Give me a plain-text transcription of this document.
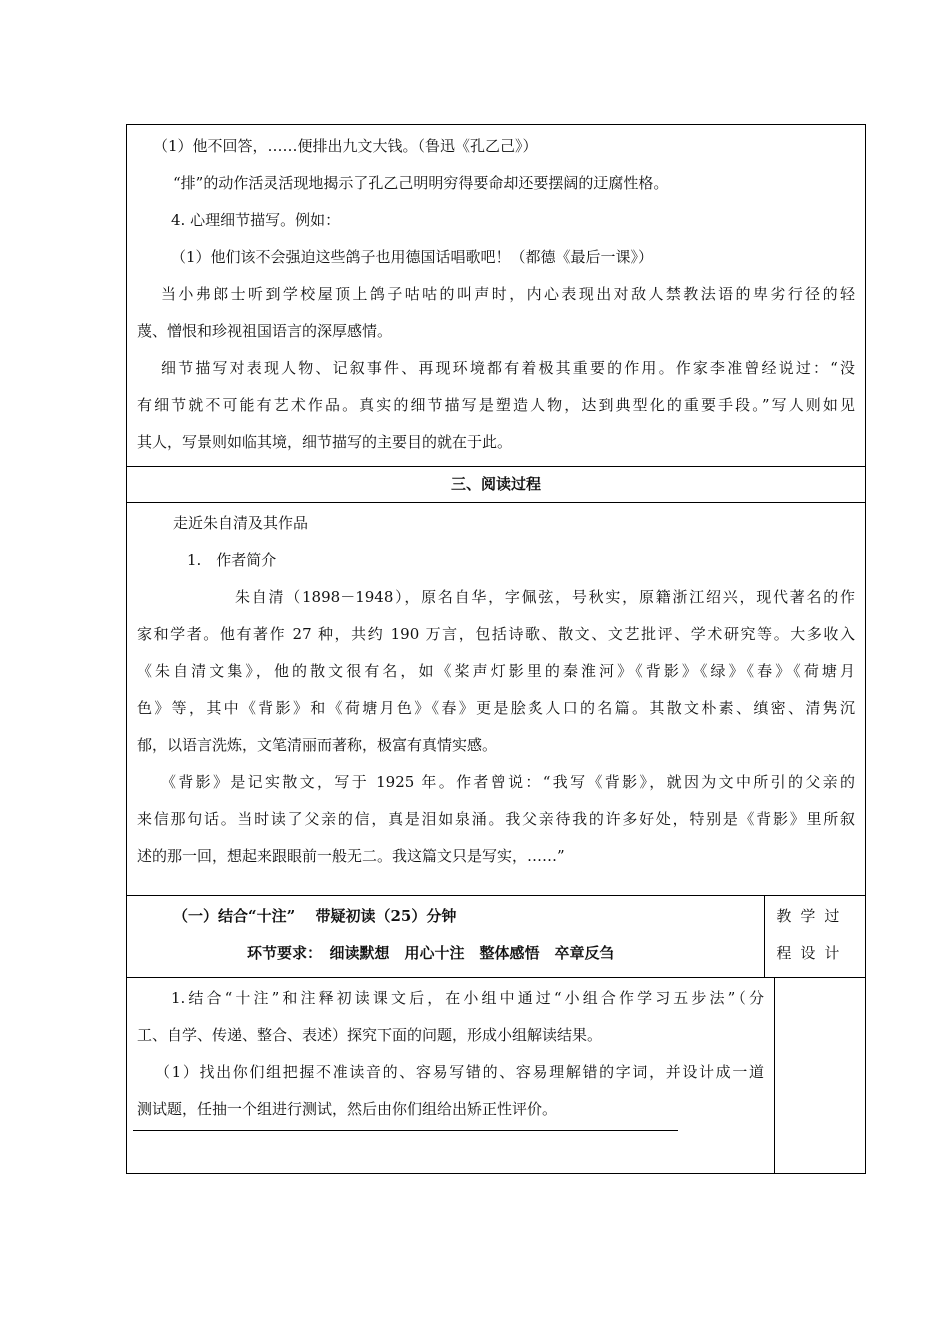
（1）他不回答，……便排出九文大钱。（鲁迅《孔乙己》）
“排”的动作活灵活现地揭示了孔乙己明明穷得要命却还要摆阔的迂腐性格。
4. 心理细节描写。例如：
（1）他们该不会强迫这些鸽子也用德国话唱歌吧！（都德《最后一课》）
当小弗郎士听到学校屋顶上鸽子咕咕的叫声时，内心表现出对敌人禁教法语的卑劣行径的轻
蔑、憎恨和珍视祖国语言的深厚感情。
细节描写对表现人物、记叙事件、再现环境都有着极其重要的作用。作家李准曾经说过：“没
有细节就不可能有艺术作品。真实的细节描写是塑造人物，达到典型化的重要手段。”写人则如见
其人，写景则如临其境，细节描写的主要目的就在于此。
三、阅读过程
走近朱自清及其作品
1.　作者简介
朱自清（1898－1948），原名自华，字佩弦，号秋实，原籍浙江绍兴，现代著名的作
家和学者。他有著作 27 种，共约 190 万言，包括诗歌、散文、文艺批评、学术研究等。大多收入
《朱自清文集》，他的散文很有名，如《桨声灯影里的秦淮河》《背影》《绿》《春》《荷塘月
色》等，其中《背影》和《荷塘月色》《春》更是脍炙人口的名篇。其散文朴素、缜密、清隽沉
郁，以语言洗炼，文笔清丽而著称，极富有真情实感。
《背影》是记实散文，写于 1925 年。作者曾说：“我写《背影》，就因为文中所引的父亲的
来信那句话。当时读了父亲的信，真是泪如泉涌。我父亲待我的许多好处，特别是《背影》里所叙
述的那一回，想起来跟眼前一般无二。我这篇文只是写实，……”
（一）结合“十注”　 带疑初读（25）分钟
环节要求：　细读默想　用心十注　整体感悟　卒章反刍
教学过
程设计
1.结合“十注”和注释初读课文后，在小组中通过“小组合作学习五步法”（分
工、自学、传递、整合、表述）探究下面的问题，形成小组解读结果。
（1）找出你们组把握不准读音的、容易写错的、容易理解错的字词，并设计成一道
测试题，任抽一个组进行测试，然后由你们组给出矫正性评价。
